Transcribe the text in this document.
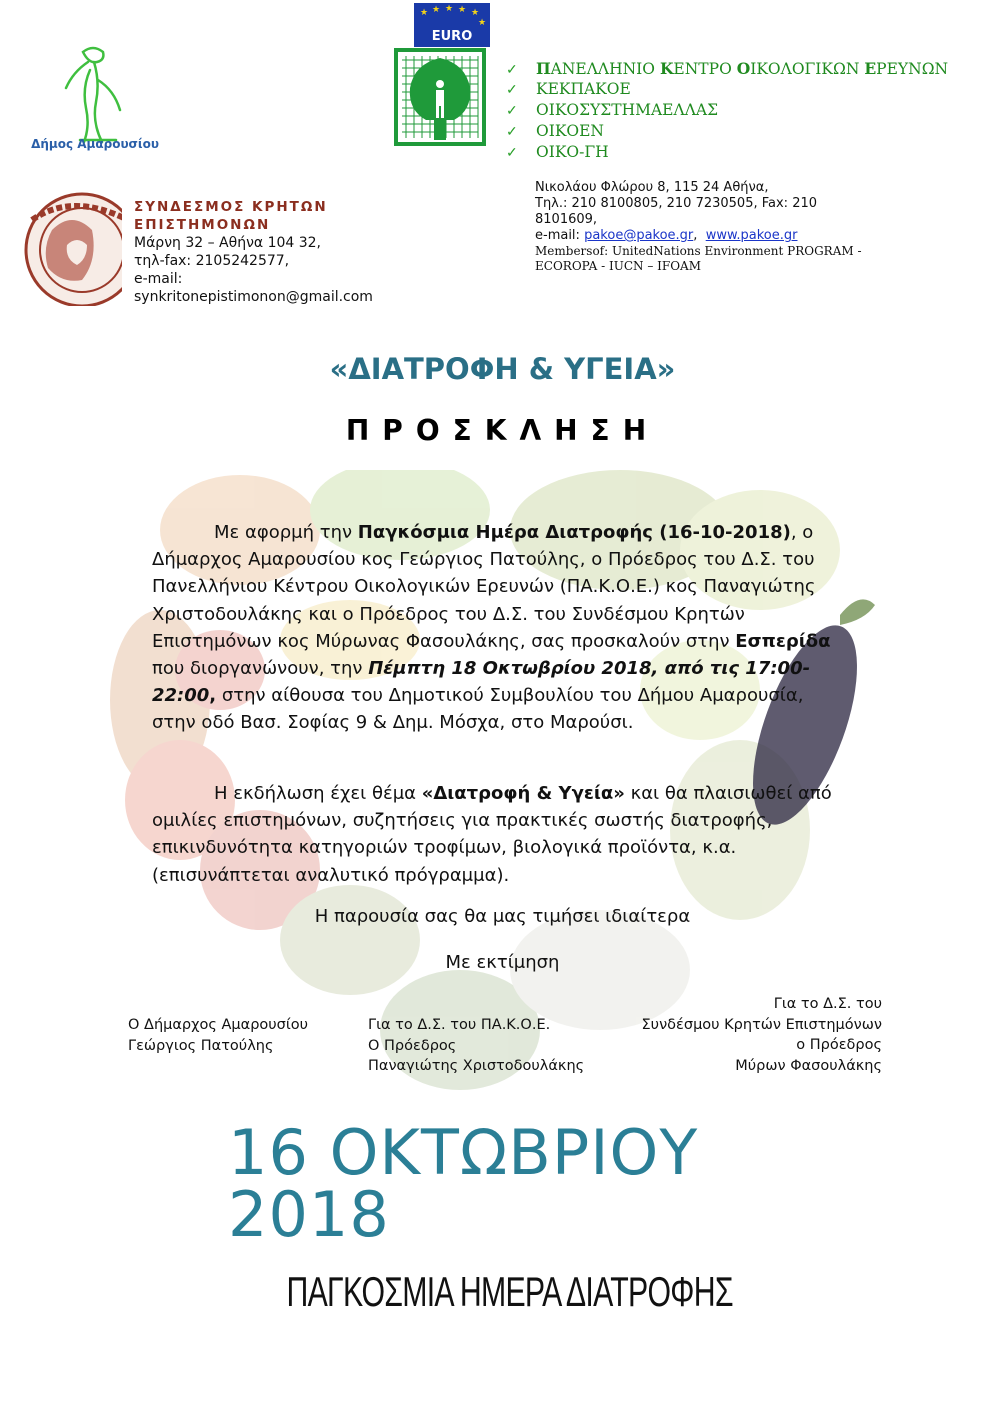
Δήμος Αμαρουσίου
★ ★ ★ ★ ★
★
EURO
✓ ΠΑΝΕΛΛΗΝΙΟ ΚΕΝΤΡΟ ΟΙΚΟΛΟΓΙΚΩΝ ΕΡΕΥΝΩΝ
✓ ΚΕΚΠΑΚΟΕ
✓ ΟΙΚΟΣΥΣΤΗΜΑΕΛΛΑΣ
✓ ΟΙΚΟΕΝ
✓ ΟΙΚΟ-ΓΗ
Νικολάου Φλώρου 8, 115 24 Αθήνα,
Τηλ.: 210 8100805, 210 7230505, Fax: 210
8101609,
e-mail: pakoe@pakoe.gr,  www.pakoe.gr
Membersof: UnitedNations Environment PROGRAM -
ECOROPA - IUCN – IFOAM
ΣΥΝΔΕΣΜΟΣ ΚΡΗΤΩΝ
ΕΠΙΣΤΗΜΟΝΩΝ
Μάρνη 32 – Αθήνα 104 32,
τηλ-fax: 2105242577,
e-mail:
synkritonepistimonon@gmail.com
«ΔΙΑΤΡΟΦΗ & ΥΓΕΙΑ»
ΠΡΟΣΚΛΗΣΗ
Με αφορμή την Παγκόσμια Ημέρα Διατροφής (16-10-2018), ο Δήμαρχος Αμαρουσίου κος Γεώργιος Πατούλης, ο Πρόεδρος του Δ.Σ. του Πανελλήνιου Κέντρου Οικολογικών Ερευνών (ΠΑ.Κ.Ο.Ε.) κος Παναγιώτης Χριστοδουλάκης και ο Πρόεδρος του Δ.Σ. του Συνδέσμου Κρητών Επιστημόνων κος Μύρωνας Φασουλάκης, σας προσκαλούν στην Εσπερίδα που διοργανώνουν, την Πέμπτη 18 Οκτωβρίου 2018, από τις 17:00-22:00, στην αίθουσα του Δημοτικού Συμβουλίου του Δήμου Αμαρουσία, στην οδό Βασ. Σοφίας 9 & Δημ. Μόσχα, στο Μαρούσι.
Η εκδήλωση έχει θέμα «Διατροφή & Υγεία» και θα πλαισιωθεί από ομιλίες επιστημόνων, συζητήσεις για πρακτικές σωστής διατροφής, επικινδυνότητα κατηγοριών τροφίμων, βιολογικά προϊόντα, κ.α. (επισυνάπτεται αναλυτικό πρόγραμμα).
Η παρουσία σας θα μας τιμήσει ιδιαίτερα
Με εκτίμηση
Ο Δήμαρχος Αμαρουσίου
Γεώργιος Πατούλης
Για το Δ.Σ. του ΠΑ.Κ.Ο.Ε.
Ο Πρόεδρος
Παναγιώτης Χριστοδουλάκης
Για το Δ.Σ. του
Συνδέσμου Κρητών Επιστημόνων
ο Πρόεδρος
Μύρων Φασουλάκης
16 ΟΚΤΩΒΡΙΟΥ
2018
ΠΑΓΚΟΣΜΙΑ ΗΜΕΡΑ ΔΙΑΤΡΟΦΗΣ
